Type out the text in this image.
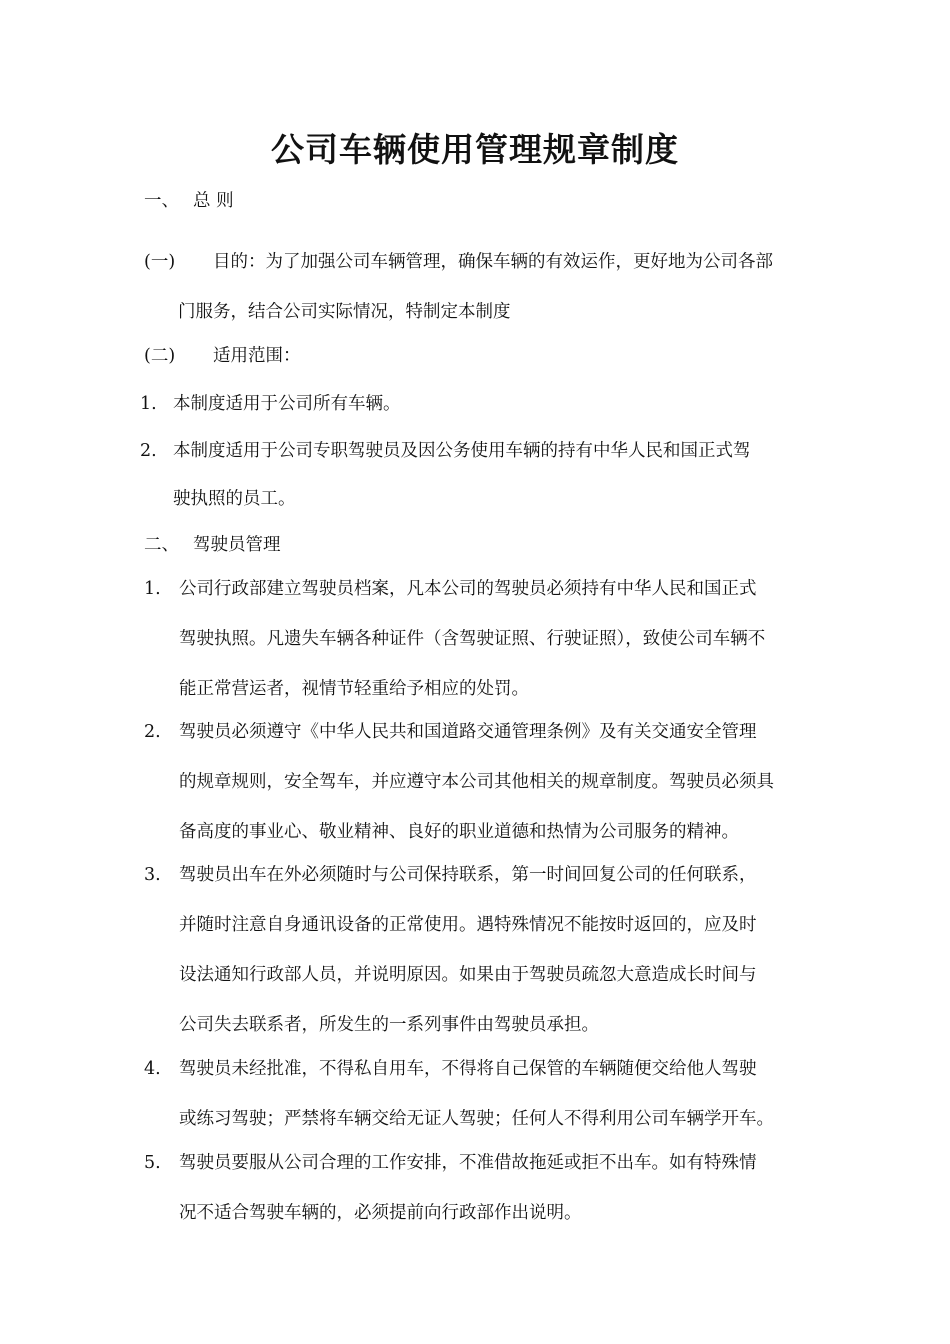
公司车辆使用管理规章制度
一、 总 则
(一) 目的：为了加强公司车辆管理，确保车辆的有效运作，更好地为公司各部
门服务，结合公司实际情况，特制定本制度
(二) 适用范围：
1. 本制度适用于公司所有车辆。
2. 本制度适用于公司专职驾驶员及因公务使用车辆的持有中华人民和国正式驾
驶执照的员工。
二、 驾驶员管理
1. 公司行政部建立驾驶员档案，凡本公司的驾驶员必须持有中华人民和国正式
驾驶执照。凡遗失车辆各种证件（含驾驶证照、行驶证照），致使公司车辆不
能正常营运者，视情节轻重给予相应的处罚。
2. 驾驶员必须遵守《中华人民共和国道路交通管理条例》及有关交通安全管理
的规章规则，安全驾车，并应遵守本公司其他相关的规章制度。驾驶员必须具
备高度的事业心、敬业精神、良好的职业道德和热情为公司服务的精神。
3. 驾驶员出车在外必须随时与公司保持联系，第一时间回复公司的任何联系，
并随时注意自身通讯设备的正常使用。遇特殊情况不能按时返回的，应及时
设法通知行政部人员，并说明原因。如果由于驾驶员疏忽大意造成长时间与
公司失去联系者，所发生的一系列事件由驾驶员承担。
4. 驾驶员未经批准，不得私自用车，不得将自己保管的车辆随便交给他人驾驶
或练习驾驶；严禁将车辆交给无证人驾驶；任何人不得利用公司车辆学开车。
5. 驾驶员要服从公司合理的工作安排，不准借故拖延或拒不出车。如有特殊情
况不适合驾驶车辆的，必须提前向行政部作出说明。
